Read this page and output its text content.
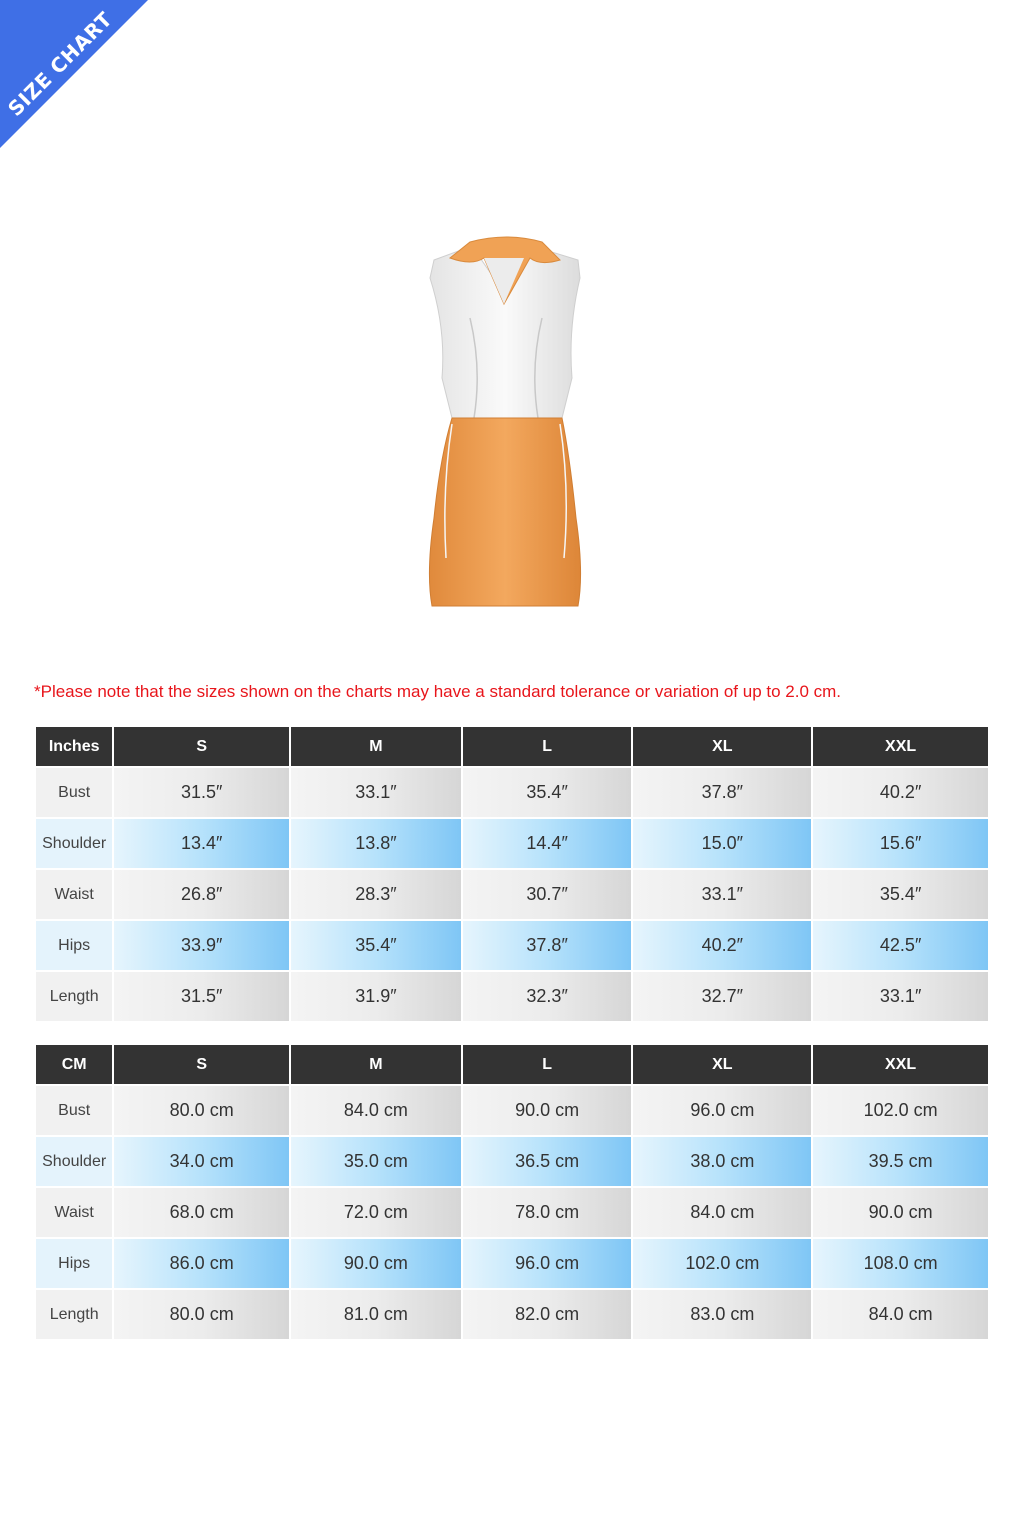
SIZE CHART
*Please note that the sizes shown on the charts may have a standard tolerance or variation of up to 2.0 cm.
Inches	S	M	L	XL	XXL
Bust	31.5″	33.1″	35.4″	37.8″	40.2″
Shoulder	13.4″	13.8″	14.4″	15.0″	15.6″
Waist	26.8″	28.3″	30.7″	33.1″	35.4″
Hips	33.9″	35.4″	37.8″	40.2″	42.5″
Length	31.5″	31.9″	32.3″	32.7″	33.1″
CM	S	M	L	XL	XXL
Bust	80.0 cm	84.0 cm	90.0 cm	96.0 cm	102.0 cm
Shoulder	34.0 cm	35.0 cm	36.5 cm	38.0 cm	39.5 cm
Waist	68.0 cm	72.0 cm	78.0 cm	84.0 cm	90.0 cm
Hips	86.0 cm	90.0 cm	96.0 cm	102.0 cm	108.0 cm
Length	80.0 cm	81.0 cm	82.0 cm	83.0 cm	84.0 cm
